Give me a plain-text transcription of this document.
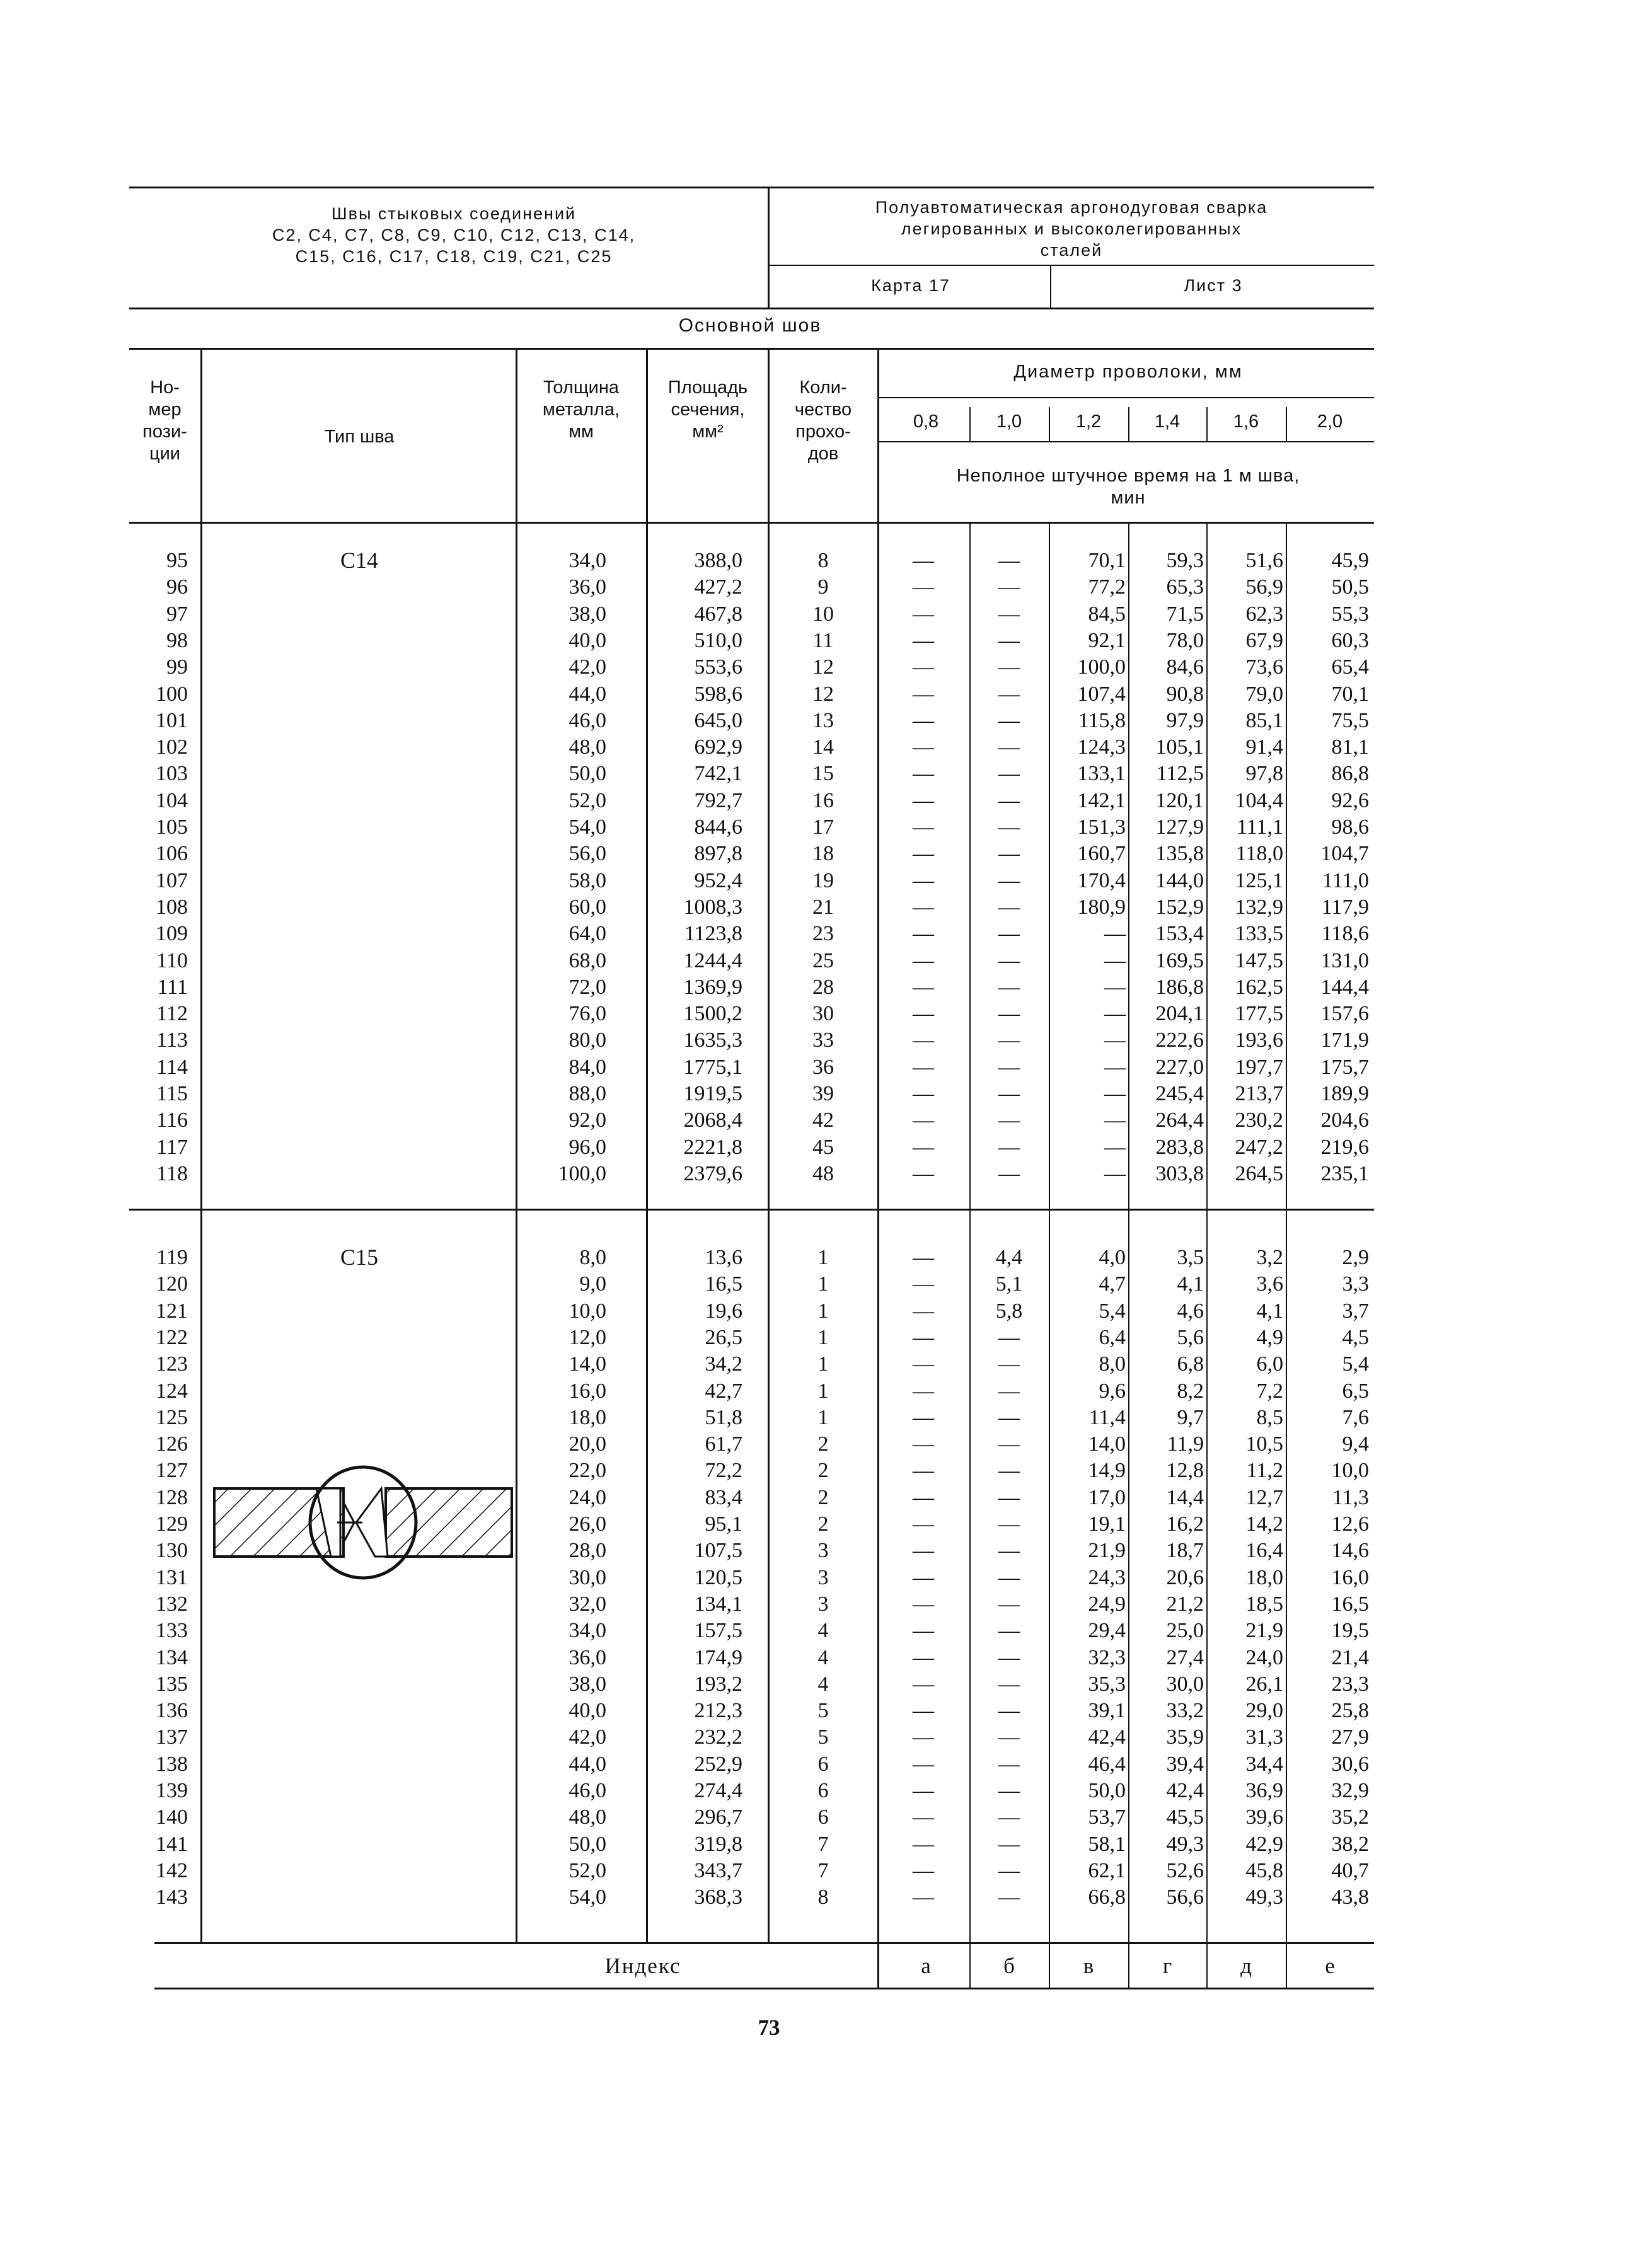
Швы стыковых соединений
С2, С4, С7, С8, С9, С10, С12, С13, С14,
С15, С16, С17, С18, С19, С21, С25
Полуавтоматическая аргонодуговая сварка
легированных и высоколегированных
сталей
Карта 17	Лист 3
Основной шов
Но-
мер
пози-
ции
Тип шва
Толщина
металла,
мм
Площадь
сечения,
мм²
Коли-
чество
прохо-
дов
Диаметр проволоки, мм
0,8	1,0	1,2	1,4	1,6	2,0
Неполное штучное время на 1 м шва,
мин
С14
С15
95	34,0	388,0	8	—	—	70,1	59,3	51,6	45,9
96	36,0	427,2	9	—	—	77,2	65,3	56,9	50,5
97	38,0	467,8	10	—	—	84,5	71,5	62,3	55,3
98	40,0	510,0	11	—	—	92,1	78,0	67,9	60,3
99	42,0	553,6	12	—	—	100,0	84,6	73,6	65,4
100	44,0	598,6	12	—	—	107,4	90,8	79,0	70,1
101	46,0	645,0	13	—	—	115,8	97,9	85,1	75,5
102	48,0	692,9	14	—	—	124,3	105,1	91,4	81,1
103	50,0	742,1	15	—	—	133,1	112,5	97,8	86,8
104	52,0	792,7	16	—	—	142,1	120,1	104,4	92,6
105	54,0	844,6	17	—	—	151,3	127,9	111,1	98,6
106	56,0	897,8	18	—	—	160,7	135,8	118,0	104,7
107	58,0	952,4	19	—	—	170,4	144,0	125,1	111,0
108	60,0	1008,3	21	—	—	180,9	152,9	132,9	117,9
109	64,0	1123,8	23	—	—	—	153,4	133,5	118,6
110	68,0	1244,4	25	—	—	—	169,5	147,5	131,0
111	72,0	1369,9	28	—	—	—	186,8	162,5	144,4
112	76,0	1500,2	30	—	—	—	204,1	177,5	157,6
113	80,0	1635,3	33	—	—	—	222,6	193,6	171,9
114	84,0	1775,1	36	—	—	—	227,0	197,7	175,7
115	88,0	1919,5	39	—	—	—	245,4	213,7	189,9
116	92,0	2068,4	42	—	—	—	264,4	230,2	204,6
117	96,0	2221,8	45	—	—	—	283,8	247,2	219,6
118	100,0	2379,6	48	—	—	—	303,8	264,5	235,1
119	8,0	13,6	1	—	4,4	4,0	3,5	3,2	2,9
120	9,0	16,5	1	—	5,1	4,7	4,1	3,6	3,3
121	10,0	19,6	1	—	5,8	5,4	4,6	4,1	3,7
122	12,0	26,5	1	—	—	6,4	5,6	4,9	4,5
123	14,0	34,2	1	—	—	8,0	6,8	6,0	5,4
124	16,0	42,7	1	—	—	9,6	8,2	7,2	6,5
125	18,0	51,8	1	—	—	11,4	9,7	8,5	7,6
126	20,0	61,7	2	—	—	14,0	11,9	10,5	9,4
127	22,0	72,2	2	—	—	14,9	12,8	11,2	10,0
128	24,0	83,4	2	—	—	17,0	14,4	12,7	11,3
129	26,0	95,1	2	—	—	19,1	16,2	14,2	12,6
130	28,0	107,5	3	—	—	21,9	18,7	16,4	14,6
131	30,0	120,5	3	—	—	24,3	20,6	18,0	16,0
132	32,0	134,1	3	—	—	24,9	21,2	18,5	16,5
133	34,0	157,5	4	—	—	29,4	25,0	21,9	19,5
134	36,0	174,9	4	—	—	32,3	27,4	24,0	21,4
135	38,0	193,2	4	—	—	35,3	30,0	26,1	23,3
136	40,0	212,3	5	—	—	39,1	33,2	29,0	25,8
137	42,0	232,2	5	—	—	42,4	35,9	31,3	27,9
138	44,0	252,9	6	—	—	46,4	39,4	34,4	30,6
139	46,0	274,4	6	—	—	50,0	42,4	36,9	32,9
140	48,0	296,7	6	—	—	53,7	45,5	39,6	35,2
141	50,0	319,8	7	—	—	58,1	49,3	42,9	38,2
142	52,0	343,7	7	—	—	62,1	52,6	45,8	40,7
143	54,0	368,3	8	—	—	66,8	56,6	49,3	43,8
Индекс	а	б	в	г	д	е
73
